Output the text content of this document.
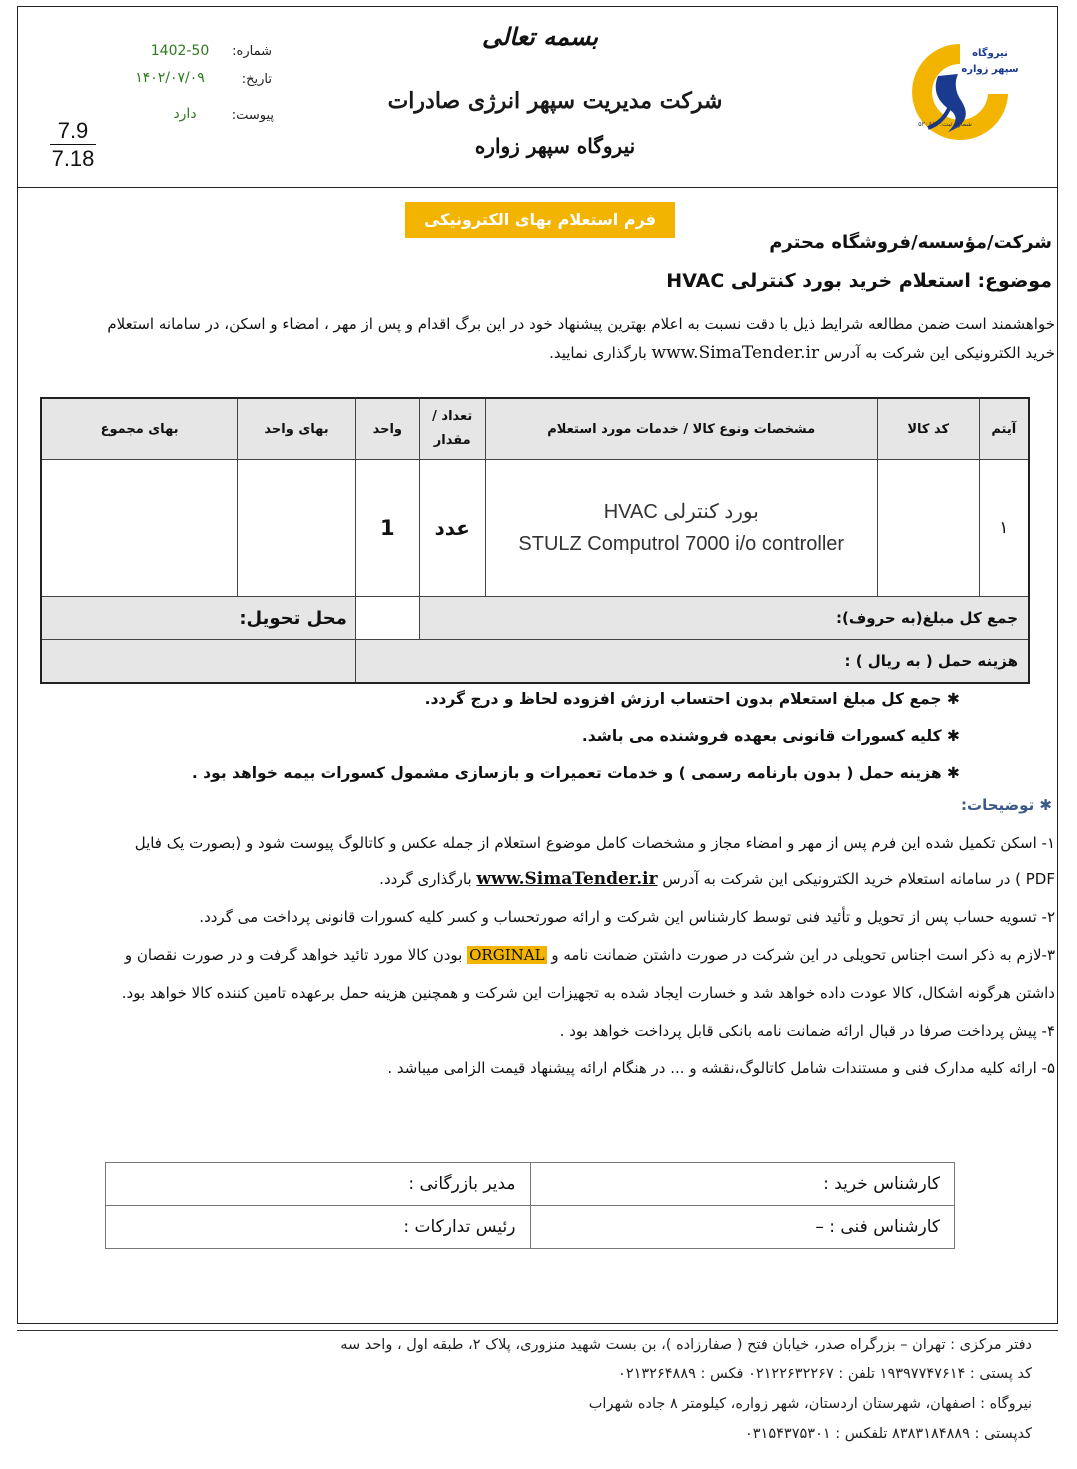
شماره:
1402-50
تاریخ:
۱۴۰۲/۰۷/۰۹
پیوست:
دارد
7.9
7.18
بسمه تعالی
شرکت مدیریت سپهر انرژی صادرات
نیروگاه سپهر زواره
نیروگاه
سپهر زواره
شماره ثبت: ۵۲۰۶/۹
فرم استعلام بهای الکترونیکی
شرکت/مؤسسه/فروشگاه محترم
موضوع: استعلام خرید بورد کنترلی HVAC
خواهشمند است ضمن مطالعه شرایط ذیل با دقت نسبت به اعلام بهترین پیشنهاد خود در این برگ اقدام و پس از مهر ، امضاء و اسکن، در سامانه استعلام
خرید الکترونیکی این شرکت به آدرس www.SimaTender.ir بارگذاری نمایید.
آیتم	کد کالا	مشخصات ونوع کالا / خدمات مورد استعلام	تعداد / مقدار	واحد	بهای واحد	بهای مجموع
۱		بورد کنترلی HVAC
STULZ Computrol 7000 i/o controller	عدد	1		
جمع کل مبلغ(به حروف):					محل تحویل:	
هزینه حمل ( به ریال ) :						
✱ جمع کل مبلغ استعلام بدون احتساب ارزش افزوده لحاظ و درج گردد.
✱ کلیه کسورات قانونی بعهده فروشنده می باشد.
✱ هزینه حمل ( بدون بارنامه رسمی ) و خدمات تعمیرات و بازسازی مشمول کسورات بیمه خواهد بود .
✱ توضیحات:
۱- اسکن تکمیل شده این فرم پس از مهر و امضاء مجاز و مشخصات کامل موضوع استعلام از جمله عکس و کاتالوگ پیوست شود و (بصورت یک فایل
PDF ) در سامانه استعلام خرید الکترونیکی این شرکت به آدرس www.SimaTender.ir بارگذاری گردد.
۲- تسویه حساب پس از تحویل و تأئید فنی توسط کارشناس این شرکت و ارائه صورتحساب و کسر کلیه کسورات قانونی پرداخت می گردد.
۳-لازم به ذکر است اجناس تحویلی در این شرکت در صورت داشتن ضمانت نامه و ORGINAL بودن کالا مورد تائید خواهد گرفت و در صورت نقصان و
داشتن هرگونه اشکال، کالا عودت داده خواهد شد و خسارت ایجاد شده به تجهیزات این شرکت و همچنین هزینه حمل برعهده تامین کننده کالا خواهد بود.
۴- پیش پرداخت صرفا در قبال ارائه ضمانت نامه بانکی قابل پرداخت خواهد بود .
۵- ارائه کلیه مدارک فنی و مستندات شامل کاتالوگ،نقشه و ... در هنگام ارائه پیشنهاد قیمت الزامی میباشد .
کارشناس خرید :	مدیر بازرگانی :
کارشناس فنی : –	رئیس تدارکات :
دفتر مرکزی : تهران – بزرگراه صدر، خیابان فتح ( صفارزاده )، بن بست شهید منزوری، پلاک ۲، طبقه اول ، واحد سه
کد پستی : ۱۹۳۹۷۷۴۷۶۱۴ تلفن : ۰۲۱۲۲۶۳۲۲۶۷ فکس : ۰۲۱۳۲۶۴۸۸۹
نیروگاه : اصفهان، شهرستان اردستان، شهر زواره، کیلومتر ۸ جاده شهراب
کدپستی : ۸۳۸۳۱۸۴۸۸۹ تلفکس : ۰۳۱۵۴۳۷۵۳۰۱
